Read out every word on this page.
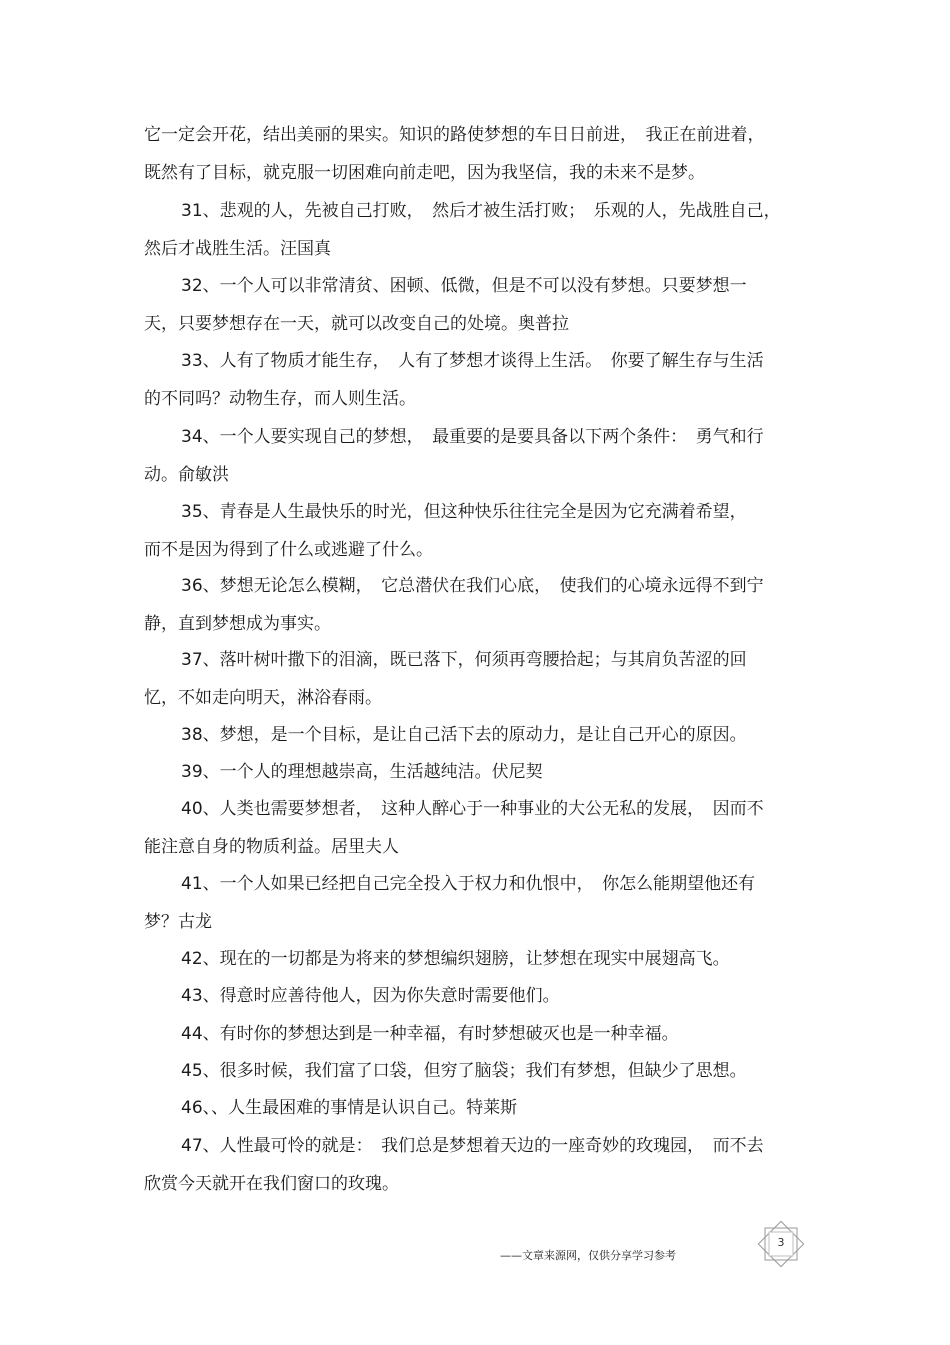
它一定会开花，结出美丽的果实。知识的路使梦想的车日日前进，　我正在前进着，
既然有了目标，就克服一切困难向前走吧，因为我坚信，我的未来不是梦。
31、悲观的人，先被自己打败，　然后才被生活打败；　乐观的人，先战胜自己，
然后才战胜生活。汪国真
32、一个人可以非常清贫、困顿、低微，但是不可以没有梦想。只要梦想一
天，只要梦想存在一天，就可以改变自己的处境。奥普拉
33、人有了物质才能生存，　人有了梦想才谈得上生活。　你要了解生存与生活
的不同吗？动物生存，而人则生活。
34、一个人要实现自己的梦想，　最重要的是要具备以下两个条件：　勇气和行
动。俞敏洪
35、青春是人生最快乐的时光，但这种快乐往往完全是因为它充满着希望，
而不是因为得到了什么或逃避了什么。
36、梦想无论怎么模糊，　它总潜伏在我们心底，　使我们的心境永远得不到宁
静，直到梦想成为事实。
37、落叶树叶撒下的泪滴，既已落下，何须再弯腰拾起；与其肩负苦涩的回
忆，不如走向明天，淋浴春雨。
38、梦想，是一个目标，是让自己活下去的原动力，是让自己开心的原因。
39、一个人的理想越崇高，生活越纯洁。伏尼契
40、人类也需要梦想者，　这种人醉心于一种事业的大公无私的发展，　因而不
能注意自身的物质利益。居里夫人
41、一个人如果已经把自己完全投入于权力和仇恨中，　你怎么能期望他还有
梦？古龙
42、现在的一切都是为将来的梦想编织翅膀，让梦想在现实中展翅高飞。
43、得意时应善待他人，因为你失意时需要他们。
44、有时你的梦想达到是一种幸福，有时梦想破灭也是一种幸福。
45、很多时候，我们富了口袋，但穷了脑袋；我们有梦想，但缺少了思想。
46、、人生最困难的事情是认识自己。特莱斯
47、人性最可怜的就是：　我们总是梦想着天边的一座奇妙的玫瑰园，　而不去
欣赏今天就开在我们窗口的玫瑰。
3
——文章来源网，仅供分享学习参考
